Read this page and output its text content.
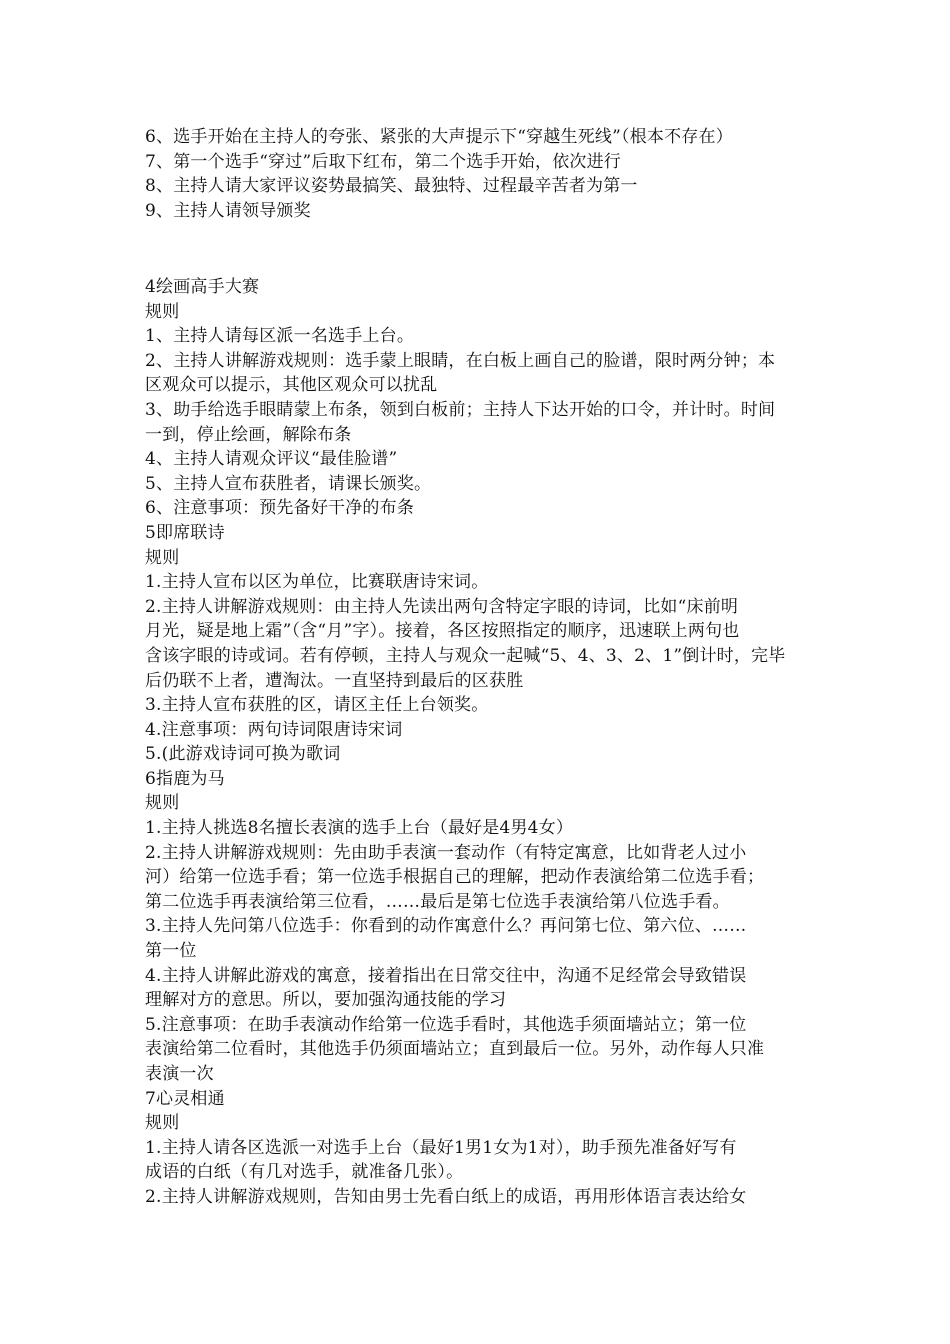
6、选手开始在主持人的夸张、紧张的大声提示下“穿越生死线”（根本不存在）
7、第一个选手“穿过”后取下红布，第二个选手开始，依次进行
8、主持人请大家评议姿势最搞笑、最独特、过程最辛苦者为第一
9、主持人请领导颁奖
4绘画高手大赛
规则
1、主持人请每区派一名选手上台。
2、主持人讲解游戏规则：选手蒙上眼睛，在白板上画自己的脸谱，限时两分钟；本
区观众可以提示，其他区观众可以扰乱
3、助手给选手眼睛蒙上布条，领到白板前；主持人下达开始的口令，并计时。时间
一到，停止绘画，解除布条
4、主持人请观众评议“最佳脸谱”
5、主持人宣布获胜者，请课长颁奖。
6、注意事项：预先备好干净的布条
5即席联诗
规则
1.主持人宣布以区为单位，比赛联唐诗宋词。
2.主持人讲解游戏规则：由主持人先读出两句含特定字眼的诗词，比如“床前明
月光，疑是地上霜”（含“月”字）。接着，各区按照指定的顺序，迅速联上两句也
含该字眼的诗或词。若有停顿，主持人与观众一起喊“5、4、3、2、1”倒计时，完毕
后仍联不上者，遭淘汰。一直坚持到最后的区获胜
3.主持人宣布获胜的区，请区主任上台领奖。
4.注意事项：两句诗词限唐诗宋词
5.(此游戏诗词可换为歌词
6指鹿为马
规则
1.主持人挑选8名擅长表演的选手上台（最好是4男4女）
2.主持人讲解游戏规则：先由助手表演一套动作（有特定寓意，比如背老人过小
河）给第一位选手看；第一位选手根据自己的理解，把动作表演给第二位选手看；
第二位选手再表演给第三位看，……最后是第七位选手表演给第八位选手看。
3.主持人先问第八位选手：你看到的动作寓意什么？再问第七位、第六位、……
第一位
4.主持人讲解此游戏的寓意，接着指出在日常交往中，沟通不足经常会导致错误
理解对方的意思。所以，要加强沟通技能的学习
5.注意事项：在助手表演动作给第一位选手看时，其他选手须面墙站立；第一位
表演给第二位看时，其他选手仍须面墙站立；直到最后一位。另外，动作每人只准
表演一次
7心灵相通
规则
1.主持人请各区选派一对选手上台（最好1男1女为1对），助手预先准备好写有
成语的白纸（有几对选手，就准备几张）。
2.主持人讲解游戏规则，告知由男士先看白纸上的成语，再用形体语言表达给女
